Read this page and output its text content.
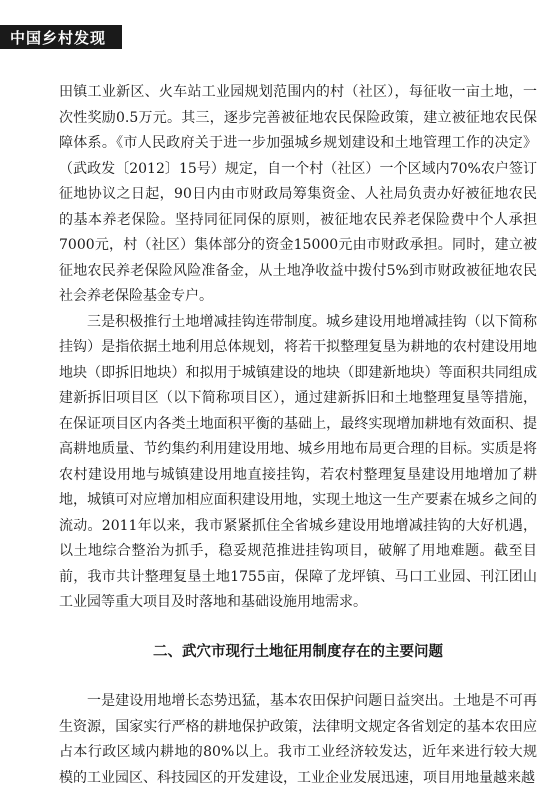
中国乡村发现

田镇工业新区、火车站工业园规划范围内的村（社区），每征收一亩土地，一次性奖励0.5万元。其三，逐步完善被征地农民保险政策，建立被征地农民保障体系。《市人民政府关于进一步加强城乡规划建设和土地管理工作的决定》（武政发〔2012〕15号）规定，自一个村（社区）一个区域内70%农户签订征地协议之日起，90日内由市财政局筹集资金、人社局负责办好被征地农民的基本养老保险。坚持同征同保的原则，被征地农民养老保险费中个人承担7000元，村（社区）集体部分的资金15000元由市财政承担。同时，建立被征地农民养老保险风险准备金，从土地净收益中拨付5%到市财政被征地农民社会养老保险基金专户。

三是积极推行土地增减挂钩连带制度。城乡建设用地增减挂钩（以下简称挂钩）是指依据土地利用总体规划，将若干拟整理复垦为耕地的农村建设用地地块（即拆旧地块）和拟用于城镇建设的地块（即建新地块）等面积共同组成建新拆旧项目区（以下简称项目区），通过建新拆旧和土地整理复垦等措施，在保证项目区内各类土地面积平衡的基础上，最终实现增加耕地有效面积、提高耕地质量、节约集约利用建设用地、城乡用地布局更合理的目标。实质是将农村建设用地与城镇建设用地直接挂钩，若农村整理复垦建设用地增加了耕地，城镇可对应增加相应面积建设用地，实现土地这一生产要素在城乡之间的流动。2011年以来，我市紧紧抓住全省城乡建设用地增减挂钩的大好机遇，以土地综合整治为抓手，稳妥规范推进挂钩项目，破解了用地难题。截至目前，我市共计整理复垦土地1755亩，保障了龙坪镇、马口工业园、刊江团山工业园等重大项目及时落地和基础设施用地需求。

二、武穴市现行土地征用制度存在的主要问题

一是建设用地增长态势迅猛，基本农田保护问题日益突出。土地是不可再生资源，国家实行严格的耕地保护政策，法律明文规定各省划定的基本农田应占本行政区域内耕地的80%以上。我市工业经济较发达，近年来进行较大规模的工业园区、科技园区的开发建设，工业企业发展迅速，项目用地量越来越
